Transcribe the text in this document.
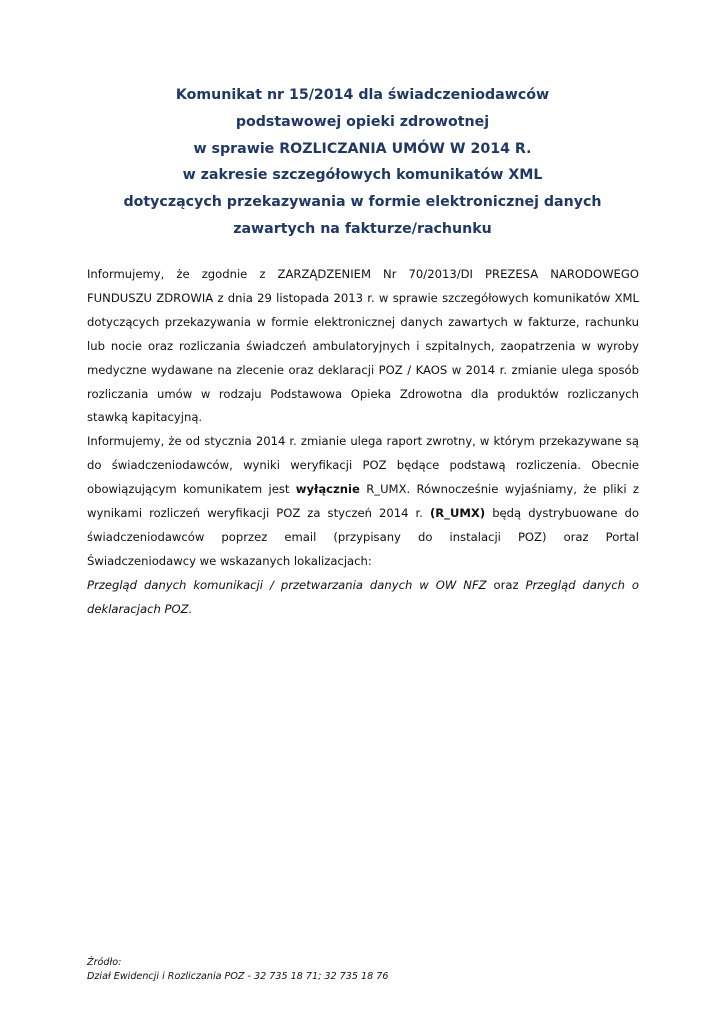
Komunikat nr 15/2014 dla świadczeniodawców
podstawowej opieki zdrowotnej
w sprawie ROZLICZANIA UMÓW W 2014 R.
w zakresie szczegółowych komunikatów XML
dotyczących przekazywania w formie elektronicznej danych
zawartych na fakturze/rachunku

Informujemy, że zgodnie z ZARZĄDZENIEM Nr 70/2013/DI PREZESA NARODOWEGO FUNDUSZU ZDROWIA z dnia 29 listopada 2013 r. w sprawie szczegółowych komunikatów XML dotyczących przekazywania w formie elektronicznej danych zawartych w fakturze, rachunku lub nocie oraz rozliczania świadczeń ambulatoryjnych i szpitalnych, zaopatrzenia w wyroby medyczne wydawane na zlecenie oraz deklaracji POZ / KAOS w 2014 r. zmianie ulega sposób rozliczania umów w rodzaju Podstawowa Opieka Zdrowotna dla produktów rozliczanych stawką kapitacyjną.

Informujemy, że od stycznia 2014 r. zmianie ulega raport zwrotny, w którym przekazywane są do świadczeniodawców, wyniki weryfikacji POZ będące podstawą rozliczenia. Obecnie obowiązującym komunikatem jest wyłącznie R_UMX. Równocześnie wyjaśniamy, że pliki z wynikami rozliczeń weryfikacji POZ za styczeń 2014 r. (R_UMX) będą dystrybuowane do świadczeniodawców poprzez email (przypisany do instalacji POZ) oraz Portal Świadczeniodawcy we wskazanych lokalizacjach:

Przegląd danych komunikacji / przetwarzania danych w OW NFZ oraz Przegląd danych o deklaracjach POZ.

Źródło:
Dział Ewidencji i Rozliczania POZ - 32 735 18 71; 32 735 18 76
